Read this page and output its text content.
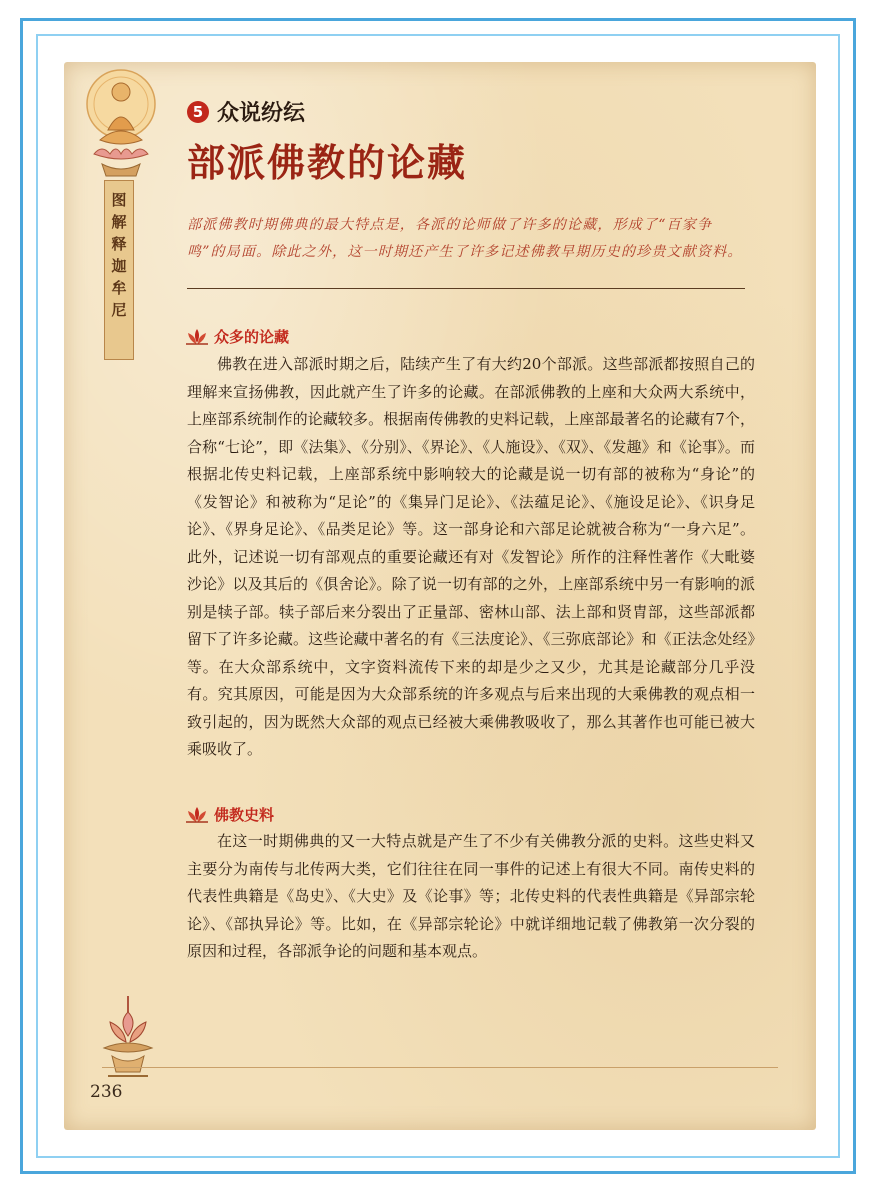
图
解
释
迦
牟
尼
5 众说纷纭
部派佛教的论藏
部派佛教时期佛典的最大特点是，各派的论师做了许多的论藏，形成了“百家争鸣”的局面。除此之外，这一时期还产生了许多记述佛教早期历史的珍贵文献资料。
众多的论藏

佛教在进入部派时期之后，陆续产生了有大约20个部派。这些部派都按照自己的理解来宣扬佛教，因此就产生了许多的论藏。在部派佛教的上座和大众两大系统中，上座部系统制作的论藏较多。根据南传佛教的史料记载，上座部最著名的论藏有7个，合称“七论”，即《法集》、《分别》、《界论》、《人施设》、《双》、《发趣》和《论事》。而根据北传史料记载，上座部系统中影响较大的论藏是说一切有部的被称为“身论”的《发智论》和被称为“足论”的《集异门足论》、《法蕴足论》、《施设足论》、《识身足论》、《界身足论》、《品类足论》等。这一部身论和六部足论就被合称为“一身六足”。此外，记述说一切有部观点的重要论藏还有对《发智论》所作的注释性著作《大毗婆沙论》以及其后的《俱舍论》。除了说一切有部的之外，上座部系统中另一有影响的派别是犊子部。犊子部后来分裂出了正量部、密林山部、法上部和贤胄部，这些部派都留下了许多论藏。这些论藏中著名的有《三法度论》、《三弥底部论》和《正法念处经》等。在大众部系统中，文字资料流传下来的却是少之又少，尤其是论藏部分几乎没有。究其原因，可能是因为大众部系统的许多观点与后来出现的大乘佛教的观点相一致引起的，因为既然大众部的观点已经被大乘佛教吸收了，那么其著作也可能已被大乘吸收了。

佛教史料

在这一时期佛典的又一大特点就是产生了不少有关佛教分派的史料。这些史料又主要分为南传与北传两大类，它们往往在同一事件的记述上有很大不同。南传史料的代表性典籍是《岛史》、《大史》及《论事》等；北传史料的代表性典籍是《异部宗轮论》、《部执异论》等。比如，在《异部宗轮论》中就详细地记载了佛教第一次分裂的原因和过程，各部派争论的问题和基本观点。

236
